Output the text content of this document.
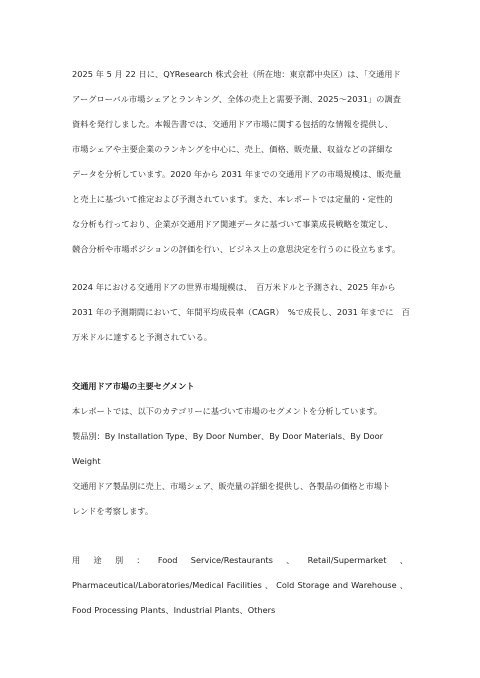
2025 年 5 月 22 日に、QYResearch 株式会社（所在地：東京都中央区）は、「交通用ド
アーグローバル市場シェアとランキング、全体の売上と需要予測、2025～2031」の調査
資料を発行しました。本報告書では、交通用ドア市場に関する包括的な情報を提供し、
市場シェアや主要企業のランキングを中心に、売上、価格、販売量、収益などの詳細な
データを分析しています。2020 年から 2031 年までの交通用ドアの市場規模は、販売量
と売上に基づいて推定および予測されています。また、本レポートでは定量的・定性的
な分析も行っており、企業が交通用ドア関連データに基づいて事業成長戦略を策定し、
競合分析や市場ポジションの評価を行い、ビジネス上の意思決定を行うのに役立ちます。

2024 年における交通用ドアの世界市場規模は、　百万米ドルと予測され、2025 年から
2031 年の予測期間において、年間平均成長率（CAGR）　%で成長し、2031 年までに　百
万米ドルに達すると予測されている。

交通用ドア市場の主要セグメント

本レポートでは、以下のカテゴリーに基づいて市場のセグメントを分析しています。

製品別：By Installation Type、By Door Number、By Door Materials、By Door Weight

交通用ドア製品別に売上、市場シェア、販売量の詳細を提供し、各製品の価格と市場ト
レンドを考察します。

用 途 別 ： Food Service/Restaurants 、 Retail/Supermarket 、
Pharmaceutical/Laboratories/Medical Facilities 、 Cold Storage and Warehouse 、
Food Processing Plants、Industrial Plants、Others
